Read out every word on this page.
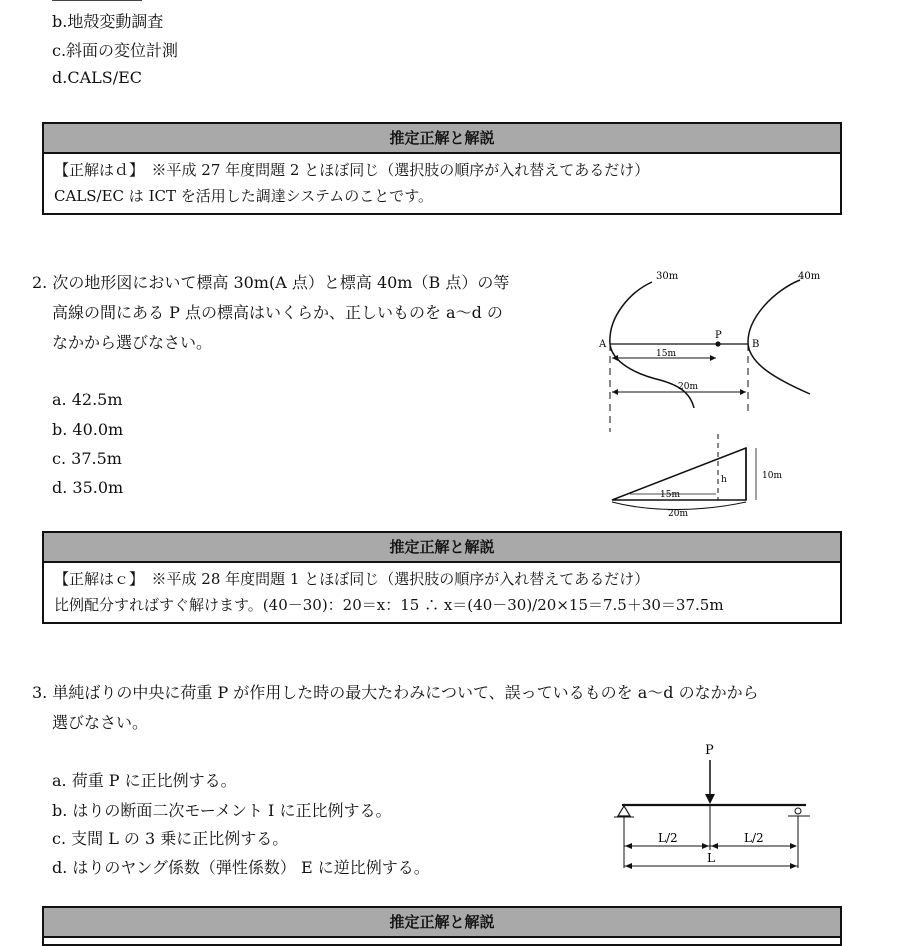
b.地殻変動調査
c.斜面の変位計測
d.CALS/EC
推定正解と解説
【正解はｄ】　※平成 27 年度問題 2 とほぼ同じ（選択肢の順序が入れ替えてあるだけ）
CALS/EC は ICT を活用した調達システムのことです。
2. 次の地形図において標高 30m(A 点）と標高 40m（B 点）の等
高線の間にある P 点の標高はいくらか、正しいものを a～d の
なかから選びなさい。
a. 42.5m
b. 40.0m
c. 37.5m
d. 35.0m
30m	40m
A
P
B
15m
20m
15m
20m
10m
h
推定正解と解説
【正解はｃ】　※平成 28 年度問題 1 とほぼ同じ（選択肢の順序が入れ替えてあるだけ）
比例配分すればすぐ解けます。(40－30)：20＝x：15 ∴ x＝(40－30)/20×15＝7.5＋30＝37.5m
3. 単純ばりの中央に荷重 P が作用した時の最大たわみについて、誤っているものを a～d のなかから
選びなさい。
a. 荷重 P に正比例する。
b. はりの断面二次モーメント I に正比例する。
c. 支間 L の 3 乗に正比例する。
d. はりのヤング係数（弾性係数） E に逆比例する。
P
L/2	L/2
L
推定正解と解説
